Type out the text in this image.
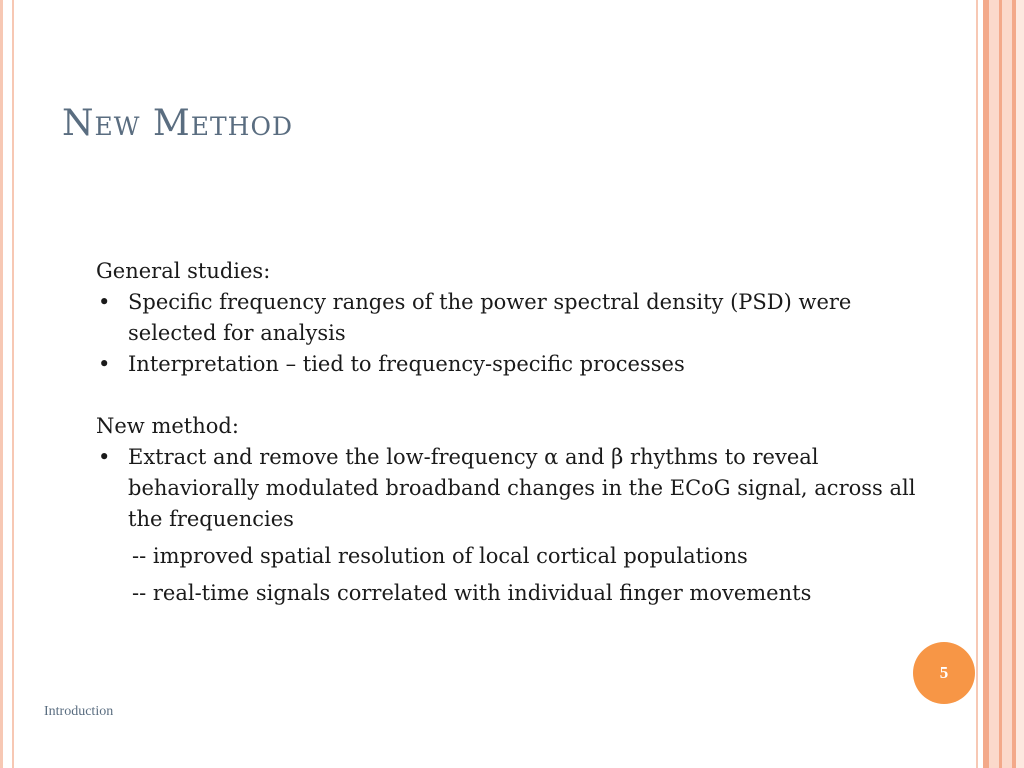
New Method

General studies:

• Specific frequency ranges of the power spectral density (PSD) were selected for analysis
• Interpretation – tied to frequency-specific processes

New method:

• Extract and remove the low-frequency α and β rhythms to reveal behaviorally modulated broadband changes in the ECoG signal, across all the frequencies

-- improved spatial resolution of local cortical populations

-- real-time signals correlated with individual finger movements

5
Introduction
